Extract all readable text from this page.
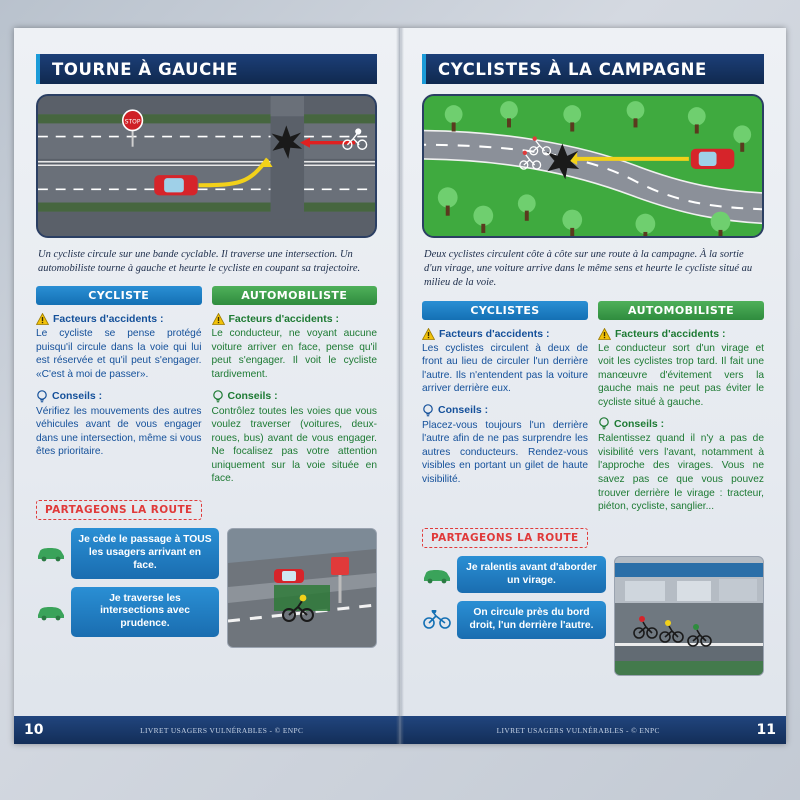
TOURNE À GAUCHE
STOP

Un cycliste circule sur une bande cyclable. Il traverse une intersection. Un automobiliste tourne à gauche et heurte le cycliste en coupant sa trajectoire.

CYCLISTE
Facteurs d'accidents :
Le cycliste se pense protégé puisqu'il circule dans la voie qui lui est réservée et qu'il peut s'engager. «C'est à moi de passer».
Conseils :
Vérifiez les mouvements des autres véhicules avant de vous engager dans une intersection, même si vous êtes prioritaire.
AUTOMOBILISTE
Facteurs d'accidents :
Le conducteur, ne voyant aucune voiture arriver en face, pense qu'il peut s'engager. Il voit le cycliste tardivement.
Conseils :
Contrôlez toutes les voies que vous voulez traverser (voitures, deux-roues, bus) avant de vous engager. Ne focalisez pas votre attention uniquement sur la voie située en face.
PARTAGEONS LA ROUTE
Je cède le passage à TOUS les usagers arrivant en face.
Je traverse les intersections avec prudence.
10	LIVRET USAGERS VULNÉRABLES - © ENPC
CYCLISTES À LA CAMPAGNE

Deux cyclistes circulent côte à côte sur une route à la campagne. À la sortie d'un virage, une voiture arrive dans le même sens et heurte le cycliste situé au milieu de la voie.

CYCLISTES
Facteurs d'accidents :
Les cyclistes circulent à deux de front au lieu de circuler l'un derrière l'autre. Ils n'entendent pas la voiture arriver derrière eux.
Conseils :
Placez-vous toujours l'un derrière l'autre afin de ne pas surprendre les autres conducteurs. Rendez-vous visibles en portant un gilet de haute visibilité.
AUTOMOBILISTE
Facteurs d'accidents :
Le conducteur sort d'un virage et voit les cyclistes trop tard. Il fait une manœuvre d'évitement vers la gauche mais ne peut pas éviter le cycliste situé à gauche.
Conseils :
Ralentissez quand il n'y a pas de visibilité vers l'avant, notamment à l'approche des virages. Vous ne savez pas ce que vous pouvez trouver derrière le virage : tracteur, piéton, cycliste, sanglier...
PARTAGEONS LA ROUTE
Je ralentis avant d'aborder un virage.
On circule près du bord droit, l'un derrière l'autre.
LIVRET USAGERS VULNÉRABLES - © ENPC	11
